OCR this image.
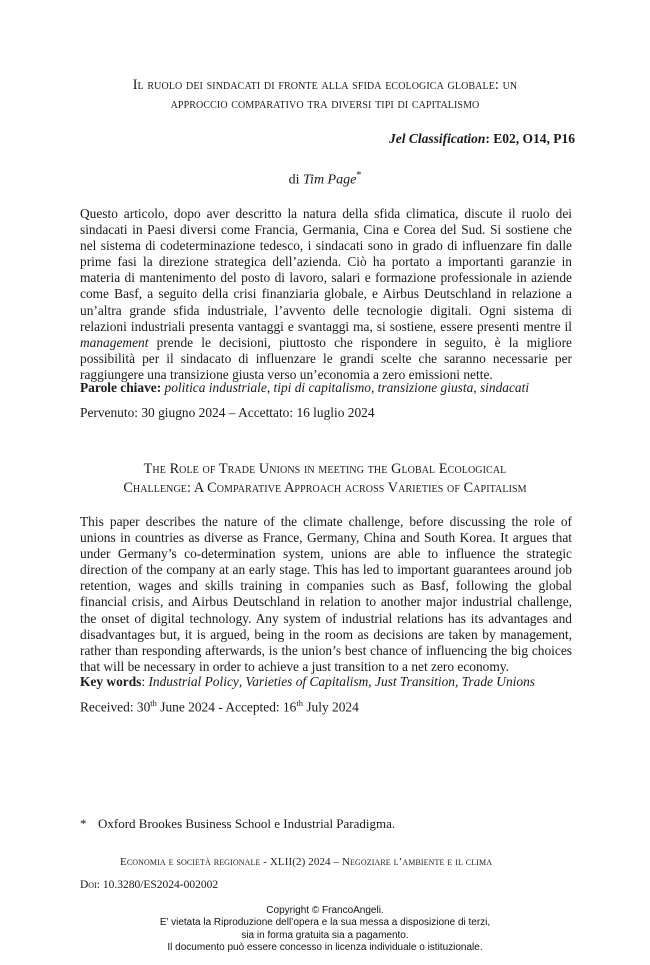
Il ruolo dei sindacati di fronte alla sfida ecologica globale: un
approccio comparativo tra diversi tipi di capitalismo
Jel Classification: E02, O14, P16
di Tim Page*
Questo articolo, dopo aver descritto la natura della sfida climatica, discute il ruolo dei sindacati in Paesi diversi come Francia, Germania, Cina e Corea del Sud. Si sostiene che nel sistema di codeterminazione tedesco, i sindacati sono in grado di influenzare fin dalle prime fasi la direzione strategica dell’azienda. Ciò ha portato a importanti garanzie in materia di mantenimento del posto di lavoro, salari e formazione professionale in aziende come Basf, a seguito della crisi finanziaria globale, e Airbus Deutschland in relazione a un’altra grande sfida industriale, l’avvento delle tecnologie digitali. Ogni sistema di relazioni industriali presenta vantaggi e svantaggi ma, si sostiene, essere presenti mentre il management prende le decisioni, piuttosto che rispondere in seguito, è la migliore possibilità per il sindacato di influenzare le grandi scelte che saranno necessarie per raggiungere una transizione giusta verso un’economia a zero emissioni nette.
Parole chiave: politica industriale, tipi di capitalismo, transizione giusta, sindacati
Pervenuto: 30 giugno 2024 – Accettato: 16 luglio 2024
The Role of Trade Unions in meeting the Global Ecological
Challenge: A Comparative Approach across Varieties of Capitalism
This paper describes the nature of the climate challenge, before discussing the role of unions in countries as diverse as France, Germany, China and South Korea. It argues that under Germany’s co-determination system, unions are able to influence the strategic direction of the company at an early stage. This has led to important guarantees around job retention, wages and skills training in companies such as Basf, following the global financial crisis, and Airbus Deutschland in relation to another major industrial challenge, the onset of digital technology. Any system of industrial relations has its advantages and disadvantages but, it is argued, being in the room as decisions are taken by management, rather than responding afterwards, is the union’s best chance of influencing the big choices that will be necessary in order to achieve a just transition to a net zero economy.
Key words: Industrial Policy, Varieties of Capitalism, Just Transition, Trade Unions
Received: 30th June 2024 - Accepted: 16th July 2024
* Oxford Brookes Business School e Industrial Paradigma.
Economia e società regionale - XLII(2) 2024 – Negoziare l’ambiente e il clima
Doi: 10.3280/ES2024-002002
Copyright © FrancoAngeli.
E’ vietata la Riproduzione dell’opera e la sua messa a disposizione di terzi,
sia in forma gratuita sia a pagamento.
Il documento può essere concesso in licenza individuale o istituzionale.
